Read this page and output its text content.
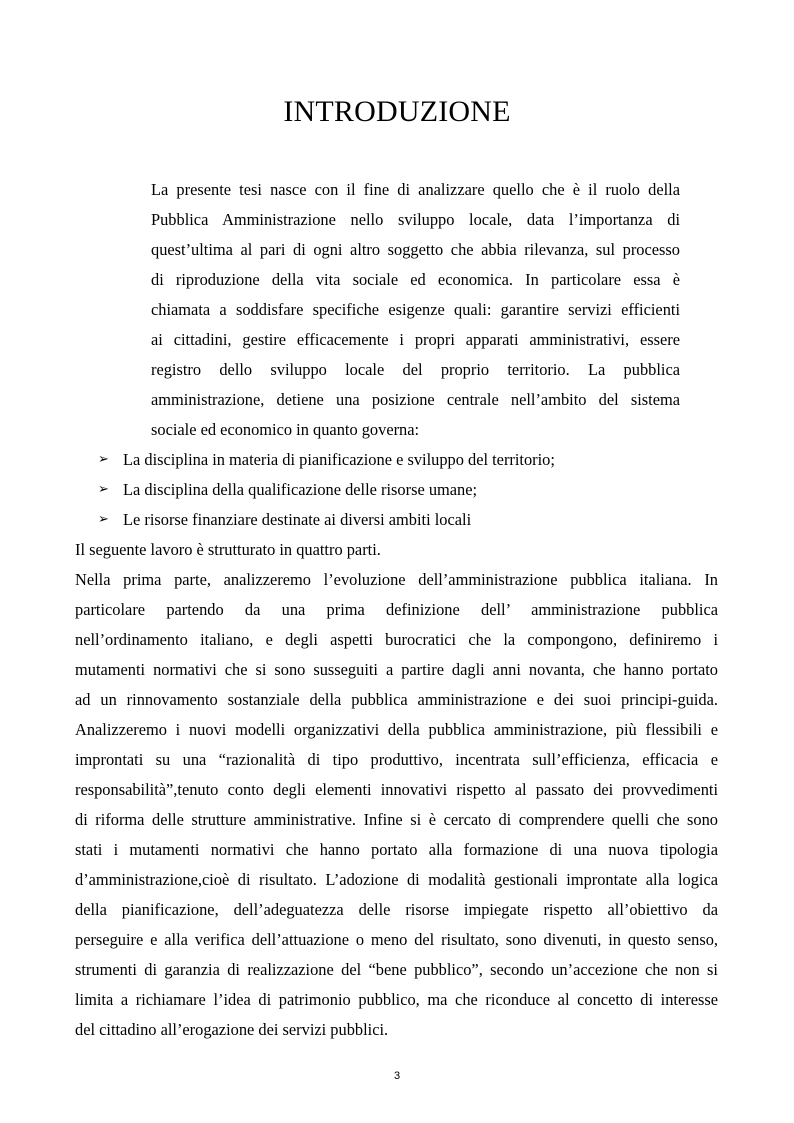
INTRODUZIONE
La presente tesi nasce con il fine di analizzare quello che è il ruolo della
Pubblica Amministrazione nello sviluppo locale, data l’importanza di
quest’ultima al pari di ogni altro soggetto che abbia rilevanza, sul processo
di riproduzione della vita sociale ed economica. In particolare essa è
chiamata a soddisfare specifiche esigenze quali: garantire servizi efficienti
ai cittadini, gestire efficacemente i propri apparati amministrativi, essere
registro dello sviluppo locale del proprio territorio. La pubblica
amministrazione, detiene una posizione centrale nell’ambito del sistema
sociale ed economico in quanto governa:
➢ La disciplina in materia di pianificazione e sviluppo del territorio;
➢ La disciplina della qualificazione delle risorse umane;
➢ Le risorse finanziare destinate ai diversi ambiti locali
Il seguente lavoro è strutturato in quattro parti.
Nella prima parte, analizzeremo l’evoluzione dell’amministrazione pubblica italiana. In
particolare partendo da una prima definizione dell’ amministrazione pubblica
nell’ordinamento italiano, e degli aspetti burocratici che la compongono, definiremo i
mutamenti normativi che si sono susseguiti a partire dagli anni novanta, che hanno portato
ad un rinnovamento sostanziale della pubblica amministrazione e dei suoi principi-guida.
Analizzeremo i nuovi modelli organizzativi della pubblica amministrazione, più flessibili e
improntati su una “razionalità di tipo produttivo, incentrata sull’efficienza, efficacia e
responsabilità”,tenuto conto degli elementi innovativi rispetto al passato dei provvedimenti
di riforma delle strutture amministrative. Infine si è cercato di comprendere quelli che sono
stati i mutamenti normativi che hanno portato alla formazione di una nuova tipologia
d’amministrazione,cioè di risultato. L’adozione di modalità gestionali improntate alla logica
della pianificazione, dell’adeguatezza delle risorse impiegate rispetto all’obiettivo da
perseguire e alla verifica dell’attuazione o meno del risultato, sono divenuti, in questo senso,
strumenti di garanzia di realizzazione del “bene pubblico”, secondo un’accezione che non si
limita a richiamare l’idea di patrimonio pubblico, ma che riconduce al concetto di interesse
del cittadino all’erogazione dei servizi pubblici.
3
